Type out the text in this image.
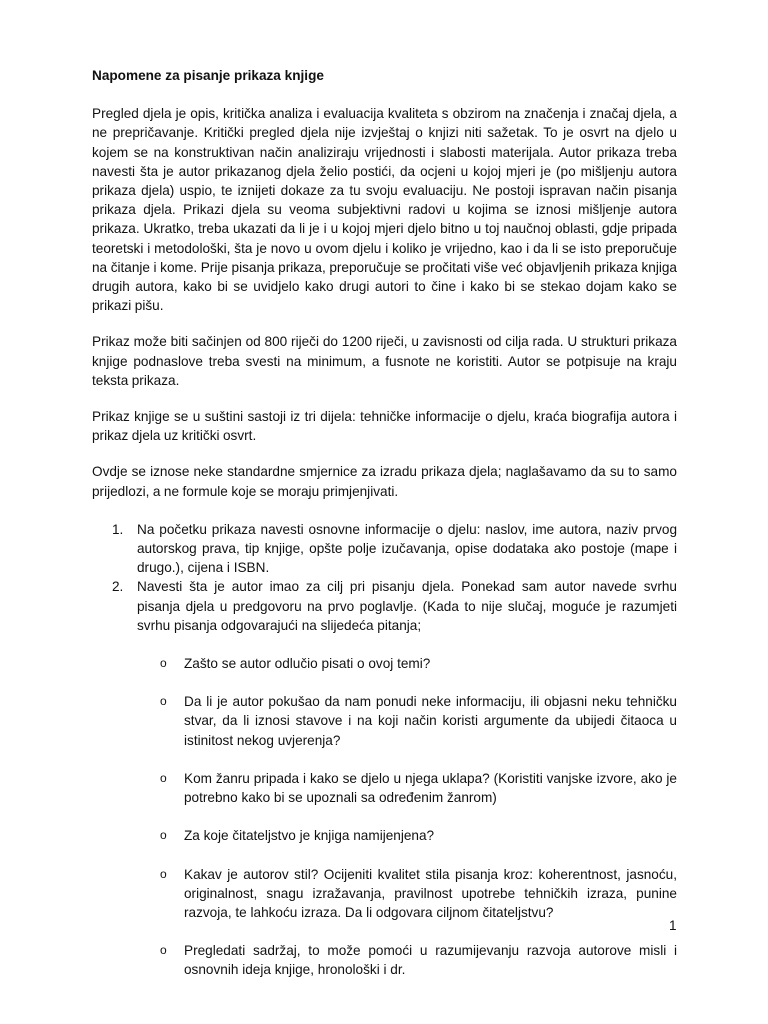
Napomene za pisanje prikaza knjige

Pregled djela je opis, kritička analiza i evaluacija kvaliteta s obzirom na značenja i značaj djela, a ne prepričavanje. Kritički pregled djela nije izvještaj o knjizi niti sažetak. To je osvrt na djelo u kojem se na konstruktivan način analiziraju vrijednosti i slabosti materijala. Autor prikaza treba navesti šta je autor prikazanog djela želio postići, da ocjeni u kojoj mjeri je (po mišljenju autora prikaza djela) uspio, te iznijeti dokaze za tu svoju evaluaciju. Ne postoji ispravan način pisanja prikaza djela. Prikazi djela su veoma subjektivni radovi u kojima se iznosi mišljenje autora prikaza. Ukratko, treba ukazati da li je i u kojoj mjeri djelo bitno u toj naučnoj oblasti, gdje pripada teoretski i metodološki, šta je novo u ovom djelu i koliko je vrijedno, kao i da li se isto preporučuje na čitanje i kome. Prije pisanja prikaza, preporučuje se pročitati više već objavljenih prikaza knjiga drugih autora, kako bi se uvidjelo kako drugi autori to čine i kako bi se stekao dojam kako se prikazi pišu.

Prikaz može biti sačinjen od 800 riječi do 1200 riječi, u zavisnosti od cilja rada. U strukturi prikaza knjige podnaslove treba svesti na minimum, a fusnote ne koristiti. Autor se potpisuje na kraju teksta prikaza.

Prikaz knjige se u suštini sastoji iz tri dijela: tehničke informacije o djelu, kraća biografija autora i prikaz djela uz kritički osvrt.

Ovdje se iznose neke standardne smjernice za izradu prikaza djela; naglašavamo da su to samo prijedlozi, a ne formule koje se moraju primjenjivati.

1. Na početku prikaza navesti osnovne informacije o djelu: naslov, ime autora, naziv prvog autorskog prava, tip knjige, opšte polje izučavanja, opise dodataka ako postoje (mape i drugo.), cijena i ISBN.
2. Navesti šta je autor imao za cilj pri pisanju djela. Ponekad sam autor navede svrhu pisanja djela u predgovoru na prvo poglavlje. (Kada to nije slučaj, moguće je razumjeti svrhu pisanja odgovarajući na slijedeća pitanja;
o Zašto se autor odlučio pisati o ovoj temi?
o Da li je autor pokušao da nam ponudi neke informaciju, ili objasni neku tehničku stvar, da li iznosi stavove i na koji način koristi argumente da ubijedi čitaoca u istinitost nekog uvjerenja?
o Kom žanru pripada i kako se djelo u njega uklapa? (Koristiti vanjske izvore, ako je potrebno kako bi se upoznali sa određenim žanrom)
o Za koje čitateljstvo je knjiga namijenjena?
o Kakav je autorov stil? Ocijeniti kvalitet stila pisanja kroz: koherentnost, jasnoću, originalnost, snagu izražavanja, pravilnost upotrebe tehničkih izraza, punine razvoja, te lahkoću izraza. Da li odgovara ciljnom čitateljstvu?
o Pregledati sadržaj, to može pomoći u razumijevanju razvoja autorove misli i osnovnih ideja knjige, hronološki i dr.
1
